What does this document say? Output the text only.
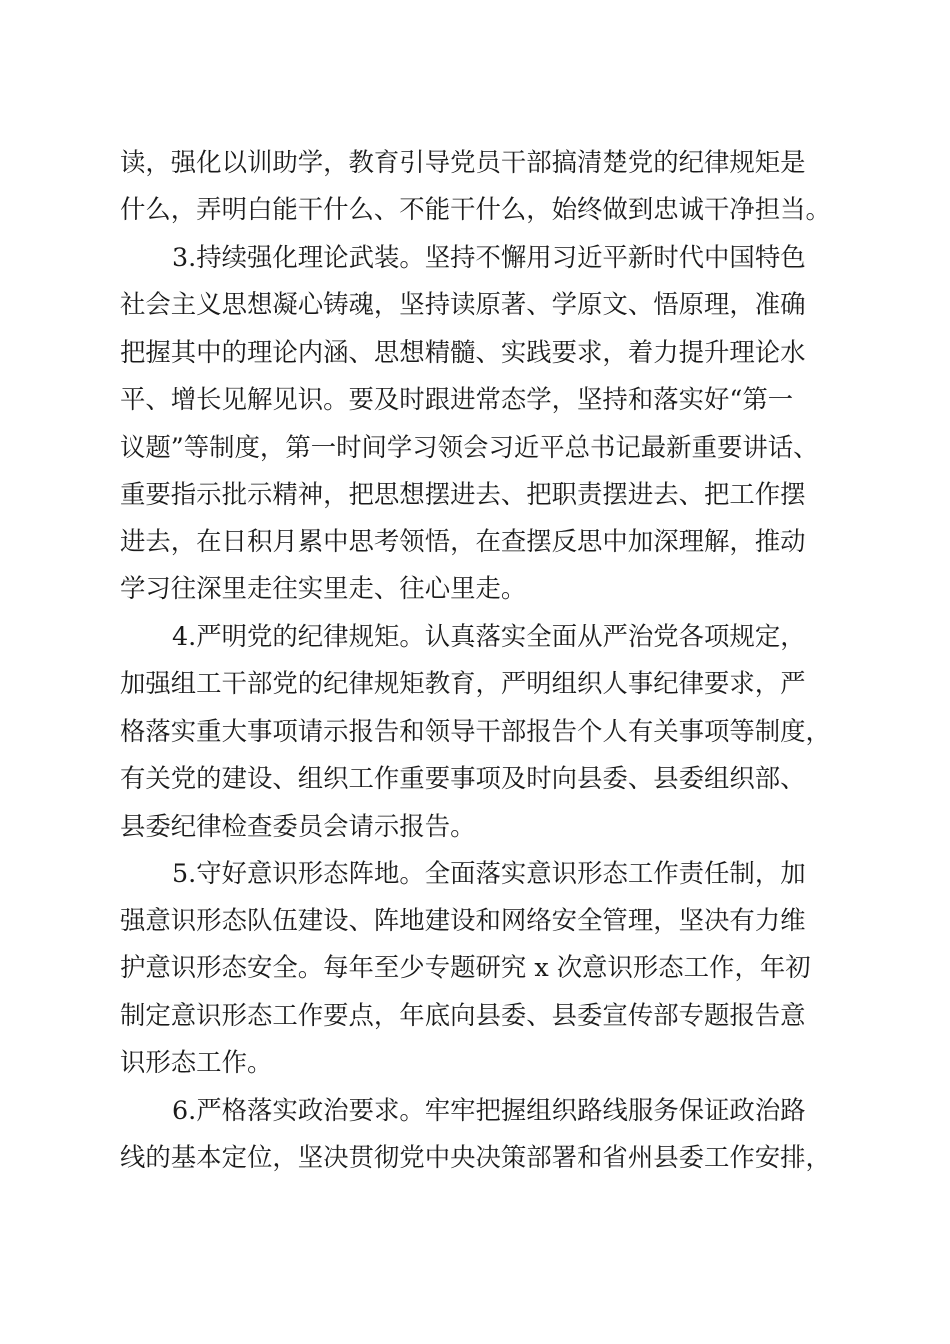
读，强化以训助学，教育引导党员干部搞清楚党的纪律规矩是
什么，弄明白能干什么、不能干什么，始终做到忠诚干净担当。
3.持续强化理论武装。坚持不懈用习近平新时代中国特色
社会主义思想凝心铸魂，坚持读原著、学原文、悟原理，准确
把握其中的理论内涵、思想精髓、实践要求，着力提升理论水
平、增长见解见识。要及时跟进常态学，坚持和落实好“第一
议题”等制度，第一时间学习领会习近平总书记最新重要讲话、
重要指示批示精神，把思想摆进去、把职责摆进去、把工作摆
进去，在日积月累中思考领悟，在查摆反思中加深理解，推动
学习往深里走往实里走、往心里走。
4.严明党的纪律规矩。认真落实全面从严治党各项规定，
加强组工干部党的纪律规矩教育，严明组织人事纪律要求，严
格落实重大事项请示报告和领导干部报告个人有关事项等制度，
有关党的建设、组织工作重要事项及时向县委、县委组织部、
县委纪律检查委员会请示报告。
5.守好意识形态阵地。全面落实意识形态工作责任制，加
强意识形态队伍建设、阵地建设和网络安全管理，坚决有力维
护意识形态安全。每年至少专题研究 x 次意识形态工作，年初
制定意识形态工作要点，年底向县委、县委宣传部专题报告意
识形态工作。
6.严格落实政治要求。牢牢把握组织路线服务保证政治路
线的基本定位，坚决贯彻党中央决策部署和省州县委工作安排，
